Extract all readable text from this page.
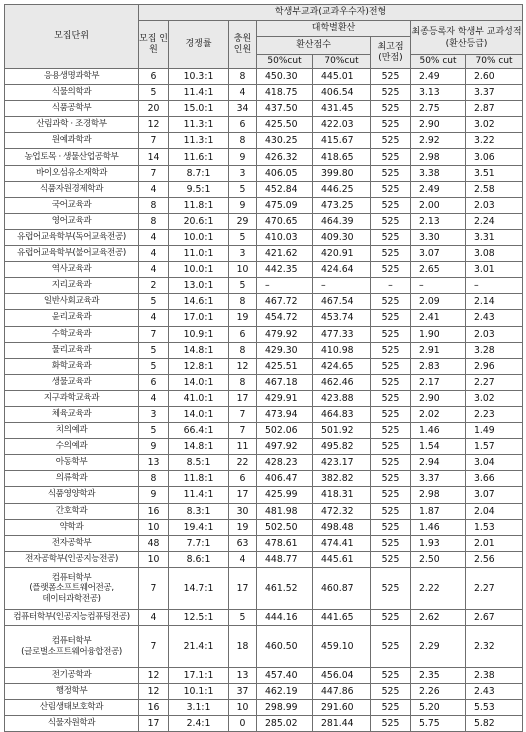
모집단위	학생부교과(교과우수자)전형							
	모집 인원	경쟁률	충원 인원	대학별환산			최종등록자 학생부 교과성적 (환산등급)	
				환산점수		최고점 (만점)		
				50%cut	70%cut		50% cut	70% cut
응용생명과학부	6	10.3:1	8	450.30	445.01	525	2.49	2.60
식물의학과	5	11.4:1	4	418.75	406.54	525	3.13	3.37
식품공학부	20	15.0:1	34	437.50	431.45	525	2.75	2.87
산림과학 · 조경학부	12	11.3:1	6	425.50	422.03	525	2.90	3.02
원예과학과	7	11.3:1	8	430.25	415.67	525	2.92	3.22
농업토목 · 생물산업공학부	14	11.6:1	9	426.32	418.65	525	2.98	3.06
바이오섬유소재학과	7	8.7:1	3	406.05	399.80	525	3.38	3.51
식품자원경제학과	4	9.5:1	5	452.84	446.25	525	2.49	2.58
국어교육과	8	11.8:1	9	475.09	473.25	525	2.00	2.03
영어교육과	8	20.6:1	29	470.65	464.39	525	2.13	2.24
유럽어교육학부(독어교육전공)	4	10.0:1	5	410.03	409.30	525	3.30	3.31
유럽어교육학부(불어교육전공)	4	11.0:1	3	421.62	420.91	525	3.07	3.08
역사교육과	4	10.0:1	10	442.35	424.64	525	2.65	3.01
지리교육과	2	13.0:1	5	–	–	–	–	–
일반사회교육과	5	14.6:1	8	467.72	467.54	525	2.09	2.14
윤리교육과	4	17.0:1	19	454.72	453.74	525	2.41	2.43
수학교육과	7	10.9:1	6	479.92	477.33	525	1.90	2.03
물리교육과	5	14.8:1	8	429.30	410.98	525	2.91	3.28
화학교육과	5	12.8:1	12	425.51	424.65	525	2.83	2.96
생물교육과	6	14.0:1	8	467.18	462.46	525	2.17	2.27
지구과학교육과	4	41.0:1	17	429.91	423.88	525	2.90	3.02
체육교육과	3	14.0:1	7	473.94	464.83	525	2.02	2.23
치의예과	5	66.4:1	7	502.06	501.92	525	1.46	1.49
수의예과	9	14.8:1	11	497.92	495.82	525	1.54	1.57
아동학부	13	8.5:1	22	428.23	423.17	525	2.94	3.04
의류학과	8	11.8:1	6	406.47	382.82	525	3.37	3.66
식품영양학과	9	11.4:1	17	425.99	418.31	525	2.98	3.07
간호학과	16	8.3:1	30	481.98	472.32	525	1.87	2.04
약학과	10	19.4:1	19	502.50	498.48	525	1.46	1.53
전자공학부	48	7.7:1	63	478.61	474.41	525	1.93	2.01
전자공학부(인공지능전공)	10	8.6:1	4	448.77	445.61	525	2.50	2.56
컴퓨터학부
(플랫폼소프트웨어전공,
데이터과학전공)	7	14.7:1	17	461.52	460.87	525	2.22	2.27
컴퓨터학부(인공지능컴퓨팅전공)	4	12.5:1	5	444.16	441.65	525	2.62	2.67
컴퓨터학부
(글로벌소프트웨어융합전공)	7	21.4:1	18	460.50	459.10	525	2.29	2.32
전기공학과	12	17.1:1	13	457.40	456.04	525	2.35	2.38
행정학부	12	10.1:1	37	462.19	447.86	525	2.26	2.43
산림생태보호학과	16	3.1:1	10	298.99	291.60	525	5.20	5.53
식물자원학과	17	2.4:1	0	285.02	281.44	525	5.75	5.82
